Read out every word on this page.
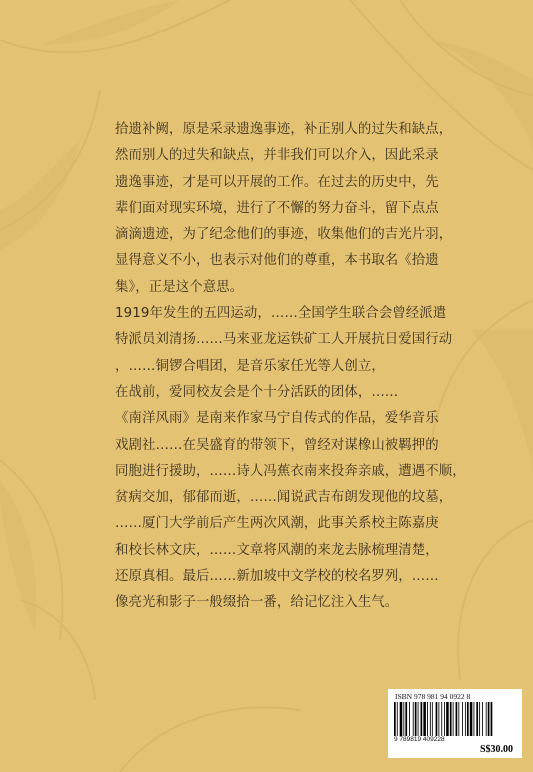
拾遗补阙，原是采录遗逸事迹，补正别人的过失和缺点，
然而别人的过失和缺点，并非我们可以介入，因此采录
遗逸事迹，才是可以开展的工作。在过去的历史中，先
辈们面对现实环境，进行了不懈的努力奋斗，留下点点
滴滴遗迹，为了纪念他们的事迹，收集他们的吉光片羽，
显得意义不小，也表示对他们的尊重，本书取名《拾遗
集》，正是这个意思。
1919年发生的五四运动，……全国学生联合会曾经派遣
特派员刘清扬……马来亚龙运铁矿工人开展抗日爱国行动
，……铜锣合唱团，是音乐家任光等人创立，
在战前，爱同校友会是个十分活跃的团体，……
《南洋风雨》是南来作家马宁自传式的作品，爱华音乐
戏剧社……在吴盛育的带领下，曾经对谋橡山被羁押的
同胞进行援助，……诗人冯蕉衣南来投奔亲戚，遭遇不顺，
贫病交加，郁郁而逝，……闻说武吉布朗发现他的坟墓，
……厦门大学前后产生两次风潮，此事关系校主陈嘉庚
和校长林文庆，……文章将风潮的来龙去脉梳理清楚，
还原真相。最后……新加坡中文学校的校名罗列，……
像亮光和影子一般缀拾一番，给记忆注入生气。
ISBN 978 981 94 0922 8
9 789819 409228
S$30.00
